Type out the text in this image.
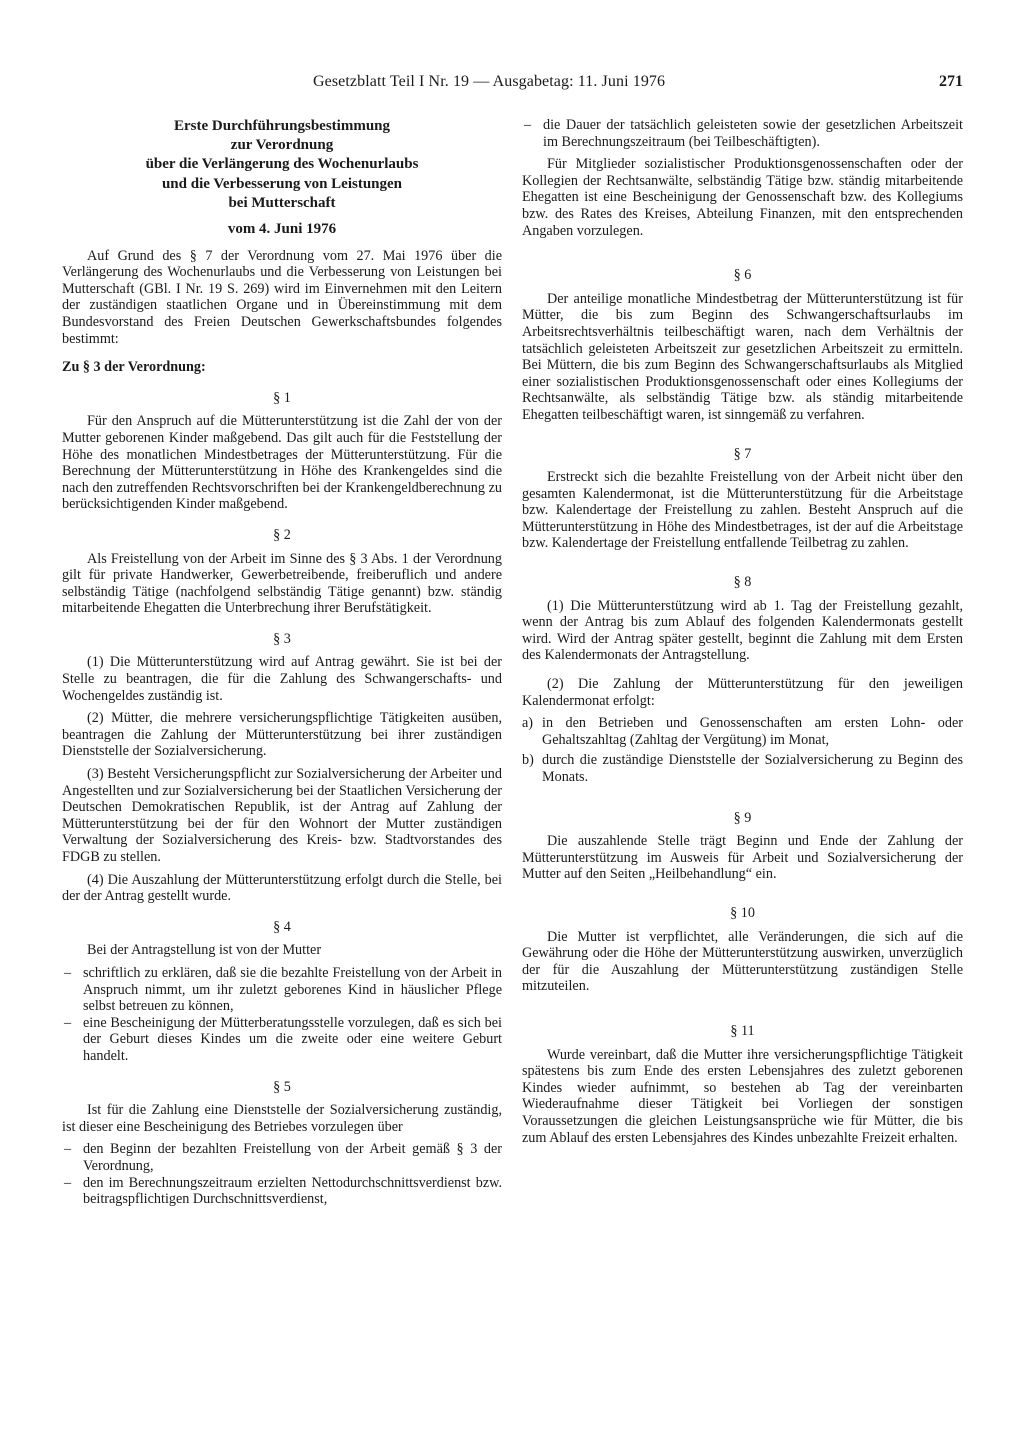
Gesetzblatt Teil I Nr. 19 — Ausgabetag: 11. Juni 1976	271
Erste Durchführungsbestimmung
zur Verordnung
über die Verlängerung des Wochenurlaubs
und die Verbesserung von Leistungen
bei Mutterschaft
vom 4. Juni 1976

Auf Grund des § 7 der Verordnung vom 27. Mai 1976 über die Verlängerung des Wochenurlaubs und die Verbesserung von Leistungen bei Mutterschaft (GBl. I Nr. 19 S. 269) wird im Einvernehmen mit den Leitern der zuständigen staatlichen Organe und in Übereinstimmung mit dem Bundesvorstand des Freien Deutschen Gewerkschaftsbundes folgendes bestimmt:

Zu § 3 der Verordnung:
§ 1

Für den Anspruch auf die Mütterunterstützung ist die Zahl der von der Mutter geborenen Kinder maßgebend. Das gilt auch für die Feststellung der Höhe des monatlichen Mindestbetrages der Mütterunterstützung. Für die Berechnung der Mütterunterstützung in Höhe des Krankengeldes sind die nach den zutreffenden Rechtsvorschriften bei der Krankengeldberechnung zu berücksichtigenden Kinder maßgebend.

§ 2

Als Freistellung von der Arbeit im Sinne des § 3 Abs. 1 der Verordnung gilt für private Handwerker, Gewerbetreibende, freiberuflich und andere selbständig Tätige (nachfolgend selbständig Tätige genannt) bzw. ständig mitarbeitende Ehegatten die Unterbrechung ihrer Berufstätigkeit.

§ 3

(1) Die Mütterunterstützung wird auf Antrag gewährt. Sie ist bei der Stelle zu beantragen, die für die Zahlung des Schwangerschafts- und Wochengeldes zuständig ist.

(2) Mütter, die mehrere versicherungspflichtige Tätigkeiten ausüben, beantragen die Zahlung der Mütterunterstützung bei ihrer zuständigen Dienststelle der Sozialversicherung.

(3) Besteht Versicherungspflicht zur Sozialversicherung der Arbeiter und Angestellten und zur Sozialversicherung bei der Staatlichen Versicherung der Deutschen Demokratischen Republik, ist der Antrag auf Zahlung der Mütterunterstützung bei der für den Wohnort der Mutter zuständigen Verwaltung der Sozialversicherung des Kreis- bzw. Stadtvorstandes des FDGB zu stellen.

(4) Die Auszahlung der Mütterunterstützung erfolgt durch die Stelle, bei der der Antrag gestellt wurde.

§ 4

Bei der Antragstellung ist von der Mutter

– schriftlich zu erklären, daß sie die bezahlte Freistellung von der Arbeit in Anspruch nimmt, um ihr zuletzt geborenes Kind in häuslicher Pflege selbst betreuen zu können,
– eine Bescheinigung der Mütterberatungsstelle vorzulegen, daß es sich bei der Geburt dieses Kindes um die zweite oder eine weitere Geburt handelt.
§ 5

Ist für die Zahlung eine Dienststelle der Sozialversicherung zuständig, ist dieser eine Bescheinigung des Betriebes vorzulegen über

– den Beginn der bezahlten Freistellung von der Arbeit gemäß § 3 der Verordnung,
– den im Berechnungszeitraum erzielten Nettodurchschnittsverdienst bzw. beitragspflichtigen Durchschnittsverdienst,
– die Dauer der tatsächlich geleisteten sowie der gesetzlichen Arbeitszeit im Berechnungszeitraum (bei Teilbeschäftigten).

Für Mitglieder sozialistischer Produktionsgenossenschaften oder der Kollegien der Rechtsanwälte, selbständig Tätige bzw. ständig mitarbeitende Ehegatten ist eine Bescheinigung der Genossenschaft bzw. des Kollegiums bzw. des Rates des Kreises, Abteilung Finanzen, mit den entsprechenden Angaben vorzulegen.

§ 6

Der anteilige monatliche Mindestbetrag der Mütterunterstützung ist für Mütter, die bis zum Beginn des Schwangerschaftsurlaubs im Arbeitsrechtsverhältnis teilbeschäftigt waren, nach dem Verhältnis der tatsächlich geleisteten Arbeitszeit zur gesetzlichen Arbeitszeit zu ermitteln. Bei Müttern, die bis zum Beginn des Schwangerschaftsurlaubs als Mitglied einer sozialistischen Produktionsgenossenschaft oder eines Kollegiums der Rechtsanwälte, als selbständig Tätige bzw. als ständig mitarbeitende Ehegatten teilbeschäftigt waren, ist sinngemäß zu verfahren.

§ 7

Erstreckt sich die bezahlte Freistellung von der Arbeit nicht über den gesamten Kalendermonat, ist die Mütterunterstützung für die Arbeitstage bzw. Kalendertage der Freistellung zu zahlen. Besteht Anspruch auf die Mütterunterstützung in Höhe des Mindestbetrages, ist der auf die Arbeitstage bzw. Kalendertage der Freistellung entfallende Teilbetrag zu zahlen.

§ 8

(1) Die Mütterunterstützung wird ab 1. Tag der Freistellung gezahlt, wenn der Antrag bis zum Ablauf des folgenden Kalendermonats gestellt wird. Wird der Antrag später gestellt, beginnt die Zahlung mit dem Ersten des Kalendermonats der Antragstellung.

(2) Die Zahlung der Mütterunterstützung für den jeweiligen Kalendermonat erfolgt:

a) in den Betrieben und Genossenschaften am ersten Lohn- oder Gehaltszahltag (Zahltag der Vergütung) im Monat,
b) durch die zuständige Dienststelle der Sozialversicherung zu Beginn des Monats.
§ 9

Die auszahlende Stelle trägt Beginn und Ende der Zahlung der Mütterunterstützung im Ausweis für Arbeit und Sozialversicherung der Mutter auf den Seiten „Heilbehandlung“ ein.

§ 10

Die Mutter ist verpflichtet, alle Veränderungen, die sich auf die Gewährung oder die Höhe der Mütterunterstützung auswirken, unverzüglich der für die Auszahlung der Mütterunterstützung zuständigen Stelle mitzuteilen.

§ 11

Wurde vereinbart, daß die Mutter ihre versicherungspflichtige Tätigkeit spätestens bis zum Ende des ersten Lebensjahres des zuletzt geborenen Kindes wieder aufnimmt, so bestehen ab Tag der vereinbarten Wiederaufnahme dieser Tätigkeit bei Vorliegen der sonstigen Voraussetzungen die gleichen Leistungsansprüche wie für Mütter, die bis zum Ablauf des ersten Lebensjahres des Kindes unbezahlte Freizeit erhalten.
